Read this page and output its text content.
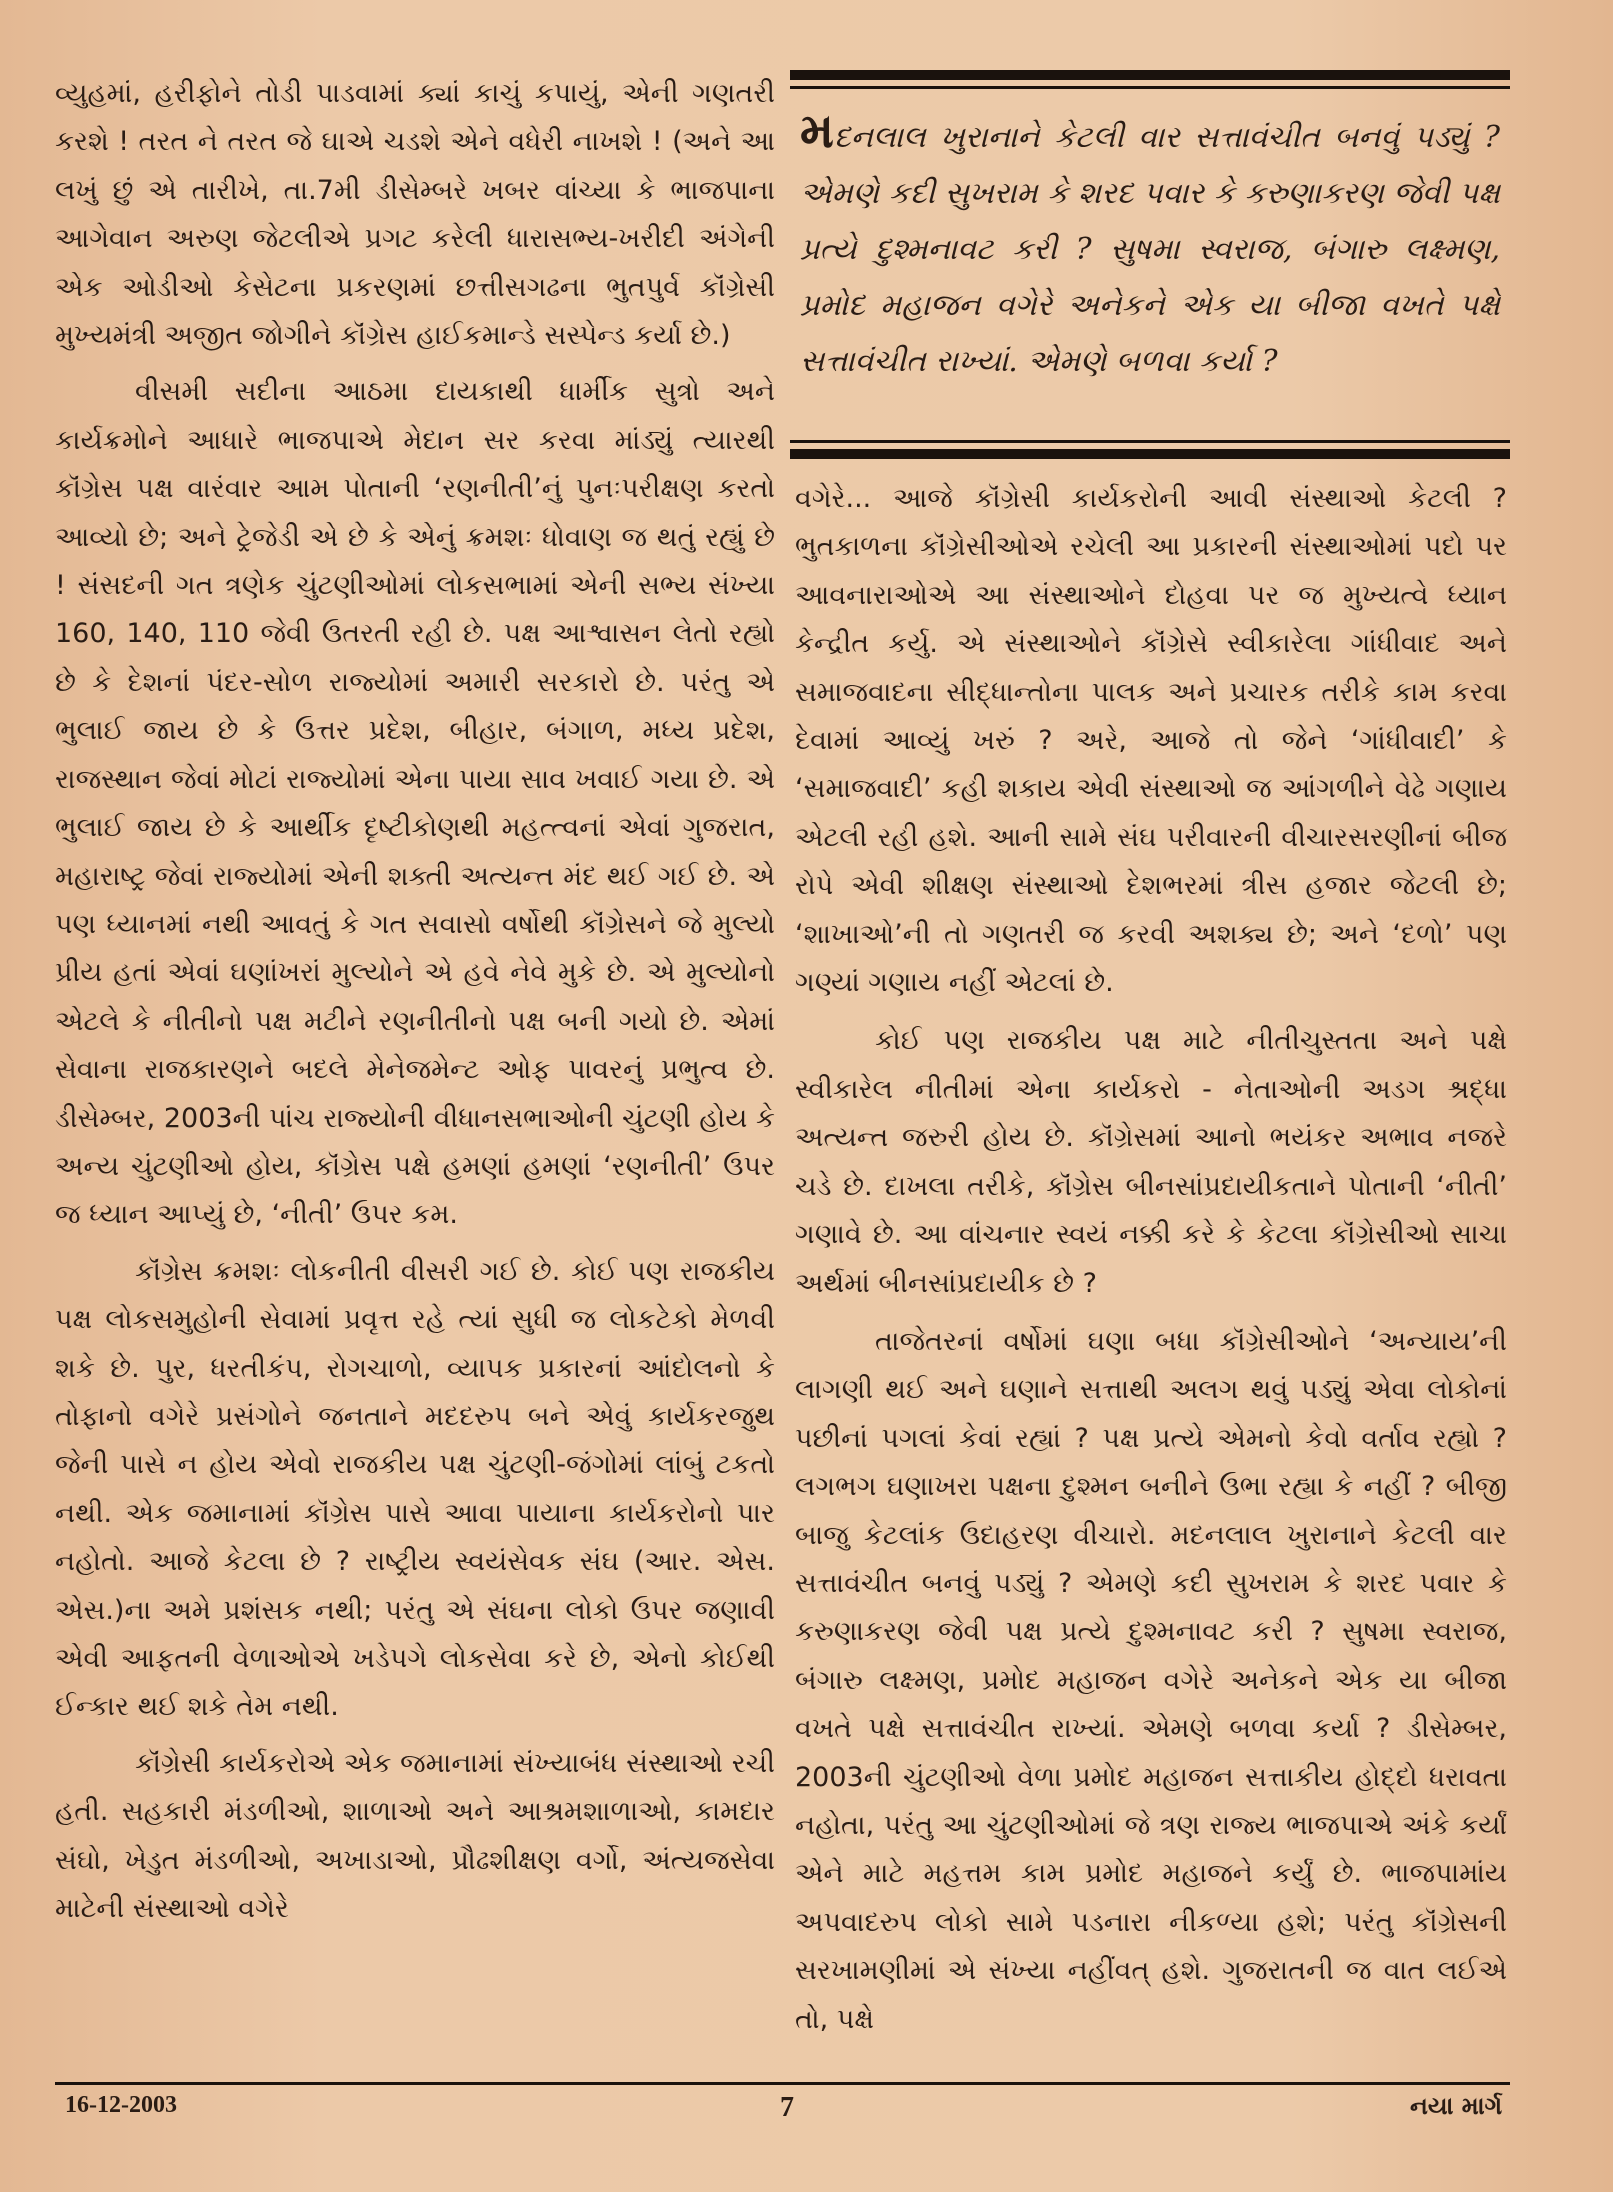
વ્યુહમાં, હરીફોને તોડી પાડવામાં ક્યાં કાચું કપાયું, એની ગણતરી કરશે ! તરત ને તરત જે ઘાએ ચડશે એને વધેરી નાખશે ! (અને આ લખું છું એ તારીખે, તા.7મી ડીસેમ્બરે ખબર વાંચ્યા કે ભાજપાના આગેવાન અરુણ જેટલીએ પ્રગટ કરેલી ધારાસભ્ય-ખરીદી અંગેની એક ઓડીઓ કેસેટના પ્રકરણમાં છત્તીસગઢના ભુતપુર્વ કૉંગ્રેસી મુખ્યમંત્રી અજીત જોગીને કૉંગ્રેસ હાઈકમાન્ડે સસ્પેન્ડ કર્યા છે.)

વીસમી સદીના આઠમા દાયકાથી ધાર્મીક સુત્રો અને કાર્યક્રમોને આધારે ભાજપાએ મેદાન સર કરવા માંડ્યું ત્યારથી કૉંગ્રેસ પક્ષ વારંવાર આમ પોતાની ‘રણનીતી’નું પુનઃપરીક્ષણ કરતો આવ્યો છે; અને ટ્રેજેડી એ છે કે એનું ક્રમશઃ ધોવાણ જ થતું રહ્યું છે ! સંસદની ગત ત્રણેક ચુંટણીઓમાં લોકસભામાં એની સભ્ય સંખ્યા 160, 140, 110 જેવી ઉતરતી રહી છે. પક્ષ આશ્વાસન લેતો રહ્યો છે કે દેશનાં પંદર-સોળ રાજ્યોમાં અમારી સરકારો છે. પરંતુ એ ભુલાઈ જાય છે કે ઉત્તર પ્રદેશ, બીહાર, બંગાળ, મધ્ય પ્રદેશ, રાજસ્થાન જેવાં મોટાં રાજ્યોમાં એના પાયા સાવ ખવાઈ ગયા છે. એ ભુલાઈ જાય છે કે આર્થીક દૃષ્ટીકોણથી મહત્ત્વનાં એવાં ગુજરાત, મહારાષ્ટ્ર જેવાં રાજ્યોમાં એની શક્તી અત્યન્ત મંદ થઈ ગઈ છે. એ પણ ધ્યાનમાં નથી આવતું કે ગત સવાસો વર્ષોથી કૉંગ્રેસને જે મુલ્યો પ્રીય હતાં એવાં ઘણાંખરાં મુલ્યોને એ હવે નેવે મુકે છે. એ મુલ્યોનો એટલે કે નીતીનો પક્ષ મટીને રણનીતીનો પક્ષ બની ગયો છે. એમાં સેવાના રાજકારણને બદલે મેનેજમેન્ટ ઓફ પાવરનું પ્રભુત્વ છે. ડીસેમ્બર, 2003ની પાંચ રાજ્યોની વીધાનસભાઓની ચુંટણી હોય કે અન્ય ચુંટણીઓ હોય, કૉંગ્રેસ પક્ષે હમણાં હમણાં ‘રણનીતી’ ઉપર જ ધ્યાન આપ્યું છે, ‘નીતી’ ઉપર કમ.

કૉંગ્રેસ ક્રમશઃ લોકનીતી વીસરી ગઈ છે. કોઈ પણ રાજકીય પક્ષ લોકસમુહોની સેવામાં પ્રવૃત્ત રહે ત્યાં સુધી જ લોકટેકો મેળવી શકે છે. પુર, ધરતીકંપ, રોગચાળો, વ્યાપક પ્રકારનાં આંદોલનો કે તોફાનો વગેરે પ્રસંગોને જનતાને મદદરુપ બને એવું કાર્યકરજુથ જેની પાસે ન હોય એવો રાજકીય પક્ષ ચુંટણી-જંગોમાં લાંબું ટકતો નથી. એક જમાનામાં કૉંગ્રેસ પાસે આવા પાયાના કાર્યકરોનો પાર નહોતો. આજે કેટલા છે ? રાષ્ટ્રીય સ્વયંસેવક સંઘ (આર. એસ. એસ.)ના અમે પ્રશંસક નથી; પરંતુ એ સંઘના લોકો ઉપર જણાવી એવી આફતની વેળાઓએ ખડેપગે લોકસેવા કરે છે, એનો કોઈથી ઈન્કાર થઈ શકે તેમ નથી.

કૉંગ્રેસી કાર્યકરોએ એક જમાનામાં સંખ્યાબંધ સંસ્થાઓ રચી હતી. સહકારી મંડળીઓ, શાળાઓ અને આશ્રમશાળાઓ, કામદાર સંઘો, ખેડુત મંડળીઓ, અખાડાઓ, પ્રૌઢશીક્ષણ વર્ગો, અંત્યજસેવા માટેની સંસ્થાઓ વગેરે

મદનલાલ ખુરાનાને કેટલી વાર સત્તાવંચીત બનવું પડ્યું ? એમણે કદી સુખરામ કે શરદ પવાર કે કરુણાકરણ જેવી પક્ષ પ્રત્યે દુશ્મનાવટ કરી ? સુષમા સ્વરાજ, બંગારુ લક્ષ્મણ, પ્રમોદ મહાજન વગેરે અનેકને એક યા બીજા વખતે પક્ષે સત્તાવંચીત રાખ્યાં. એમણે બળવા કર્યા ?

વગેરે... આજે કૉંગ્રેસી કાર્યકરોની આવી સંસ્થાઓ કેટલી ? ભુતકાળના કૉંગ્રેસીઓએ રચેલી આ પ્રકારની સંસ્થાઓમાં પદો પર આવનારાઓએ આ સંસ્થાઓને દોહવા પર જ મુખ્યત્વે ધ્યાન કેન્દ્રીત કર્યુ. એ સંસ્થાઓને કૉંગ્રેસે સ્વીકારેલા ગાંધીવાદ અને સમાજવાદના સીદ્ધાન્તોના પાલક અને પ્રચારક તરીકે કામ કરવા દેવામાં આવ્યું ખરું ? અરે, આજે તો જેને ‘ગાંધીવાદી’ કે ‘સમાજવાદી’ કહી શકાય એવી સંસ્થાઓ જ આંગળીને વેઢે ગણાય એટલી રહી હશે. આની સામે સંઘ પરીવારની વીચારસરણીનાં બીજ રોપે એવી શીક્ષણ સંસ્થાઓ દેશભરમાં ત્રીસ હજાર જેટલી છે; ‘શાખાઓ’ની તો ગણતરી જ કરવી અશક્ય છે; અને ‘દળો’ પણ ગણ્યાં ગણાય નહીં એટલાં છે.

કોઈ પણ રાજકીય પક્ષ માટે નીતીચુસ્તતા અને પક્ષે સ્વીકારેલ નીતીમાં એના કાર્યકરો - નેતાઓની અડગ શ્રદ્ધા અત્યન્ત જરુરી હોય છે. કૉંગ્રેસમાં આનો ભયંકર અભાવ નજરે ચડે છે. દાખલા તરીકે, કૉંગ્રેસ બીનસાંપ્રદાયીકતાને પોતાની ‘નીતી’ ગણાવે છે. આ વાંચનાર સ્વયં નક્કી કરે કે કેટલા કૉંગ્રેસીઓ સાચા અર્થમાં બીનસાંપ્રદાયીક છે ?

તાજેતરનાં વર્ષોમાં ઘણા બધા કૉંગ્રેસીઓને ‘અન્યાય’ની લાગણી થઈ અને ઘણાને સત્તાથી અલગ થવું પડ્યું એવા લોકોનાં પછીનાં પગલાં કેવાં રહ્યાં ? પક્ષ પ્રત્યે એમનો કેવો વર્તાવ રહ્યો ? લગભગ ઘણાખરા પક્ષના દુશ્મન બનીને ઉભા રહ્યા કે નહીં ? બીજી બાજુ કેટલાંક ઉદાહરણ વીચારો. મદનલાલ ખુરાનાને કેટલી વાર સત્તાવંચીત બનવું પડ્યું ? એમણે કદી સુખરામ કે શરદ પવાર કે કરુણાકરણ જેવી પક્ષ પ્રત્યે દુશ્મનાવટ કરી ? સુષમા સ્વરાજ, બંગારુ લક્ષ્મણ, પ્રમોદ મહાજન વગેરે અનેકને એક યા બીજા વખતે પક્ષે સત્તાવંચીત રાખ્યાં. એમણે બળવા કર્યા ? ડીસેમ્બર, 2003ની ચુંટણીઓ વેળા પ્રમોદ મહાજન સત્તાકીય હોદ્દો ધરાવતા નહોતા, પરંતુ આ ચુંટણીઓમાં જે ત્રણ રાજ્ય ભાજપાએ અંકે કર્યાં એને માટે મહત્તમ કામ પ્રમોદ મહાજને કર્યું છે. ભાજપામાંય અપવાદરુપ લોકો સામે પડનારા નીકળ્યા હશે; પરંતુ કૉંગ્રેસની સરખામણીમાં એ સંખ્યા નહીંવત્ હશે. ગુજરાતની જ વાત લઈએ તો, પક્ષે

16-12-2003	7	નયા માર્ગ
